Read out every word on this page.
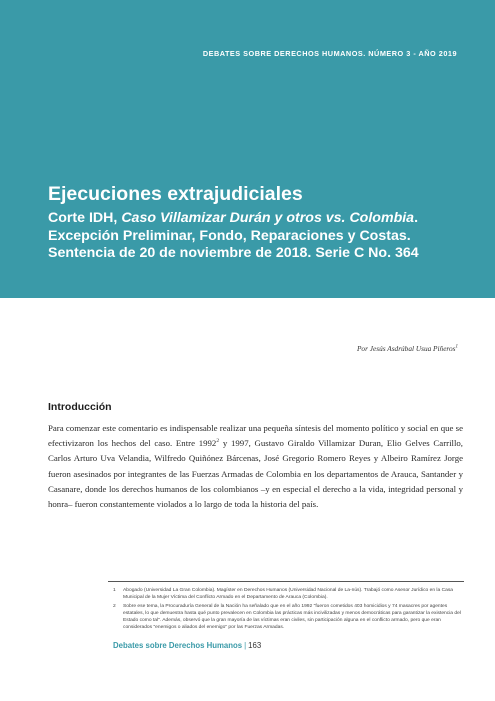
DEBATES SOBRE DERECHOS HUMANOS. NÚMERO 3 - AÑO 2019
Ejecuciones extrajudiciales
Corte IDH, Caso Villamizar Durán y otros vs. Colombia. Excepción Preliminar, Fondo, Reparaciones y Costas. Sentencia de 20 de noviembre de 2018. Serie C No. 364
Por Jesús Asdrúbal Usua Piñeros$^1$
Introducción

Para comenzar este comentario es indispensable realizar una pequeña síntesis del momento político y social en que se efectivizaron los hechos del caso. Entre 1992$^2$ y 1997, Gustavo Giraldo Villamizar Duran, Elio Gelves Carrillo, Carlos Arturo Uva Velandia, Wilfredo Quiñónez Bárcenas, José Gregorio Romero Reyes y Albeiro Ramírez Jorge fueron asesinados por integrantes de las Fuerzas Armadas de Colombia en los departamentos de Arauca, Santander y Casanare, donde los derechos humanos de los colombianos –y en especial el derecho a la vida, integridad personal y honra– fueron constantemente violados a lo largo de toda la historia del país.

1 Abogado (Universidad La Gran Colombia). Magíster en Derechos Humanos (Universidad Nacional de La-nús). Trabajó como Asesor Jurídico en la Casa Municipal de la Mujer Víctima del Conflicto Armado en el Departamento de Arauca (Colombia).

2 Sobre ese tema, la Procuraduría General de la Nación ha señalado que en el año 1992 "fueron cometidos 403 homicidios y 74 masacres por agentes estatales, lo que demuestra hasta qué punto prevalecen en Colombia las prácticas más incivilizadas y menos democráticas para garantizar la existencia del Estado como tal". Además, observó que la gran mayoría de las víctimas eran civiles, sin participación alguna en el conflicto armado, pero que eran considerados "enemigos o aliados del enemigo" por las Fuerzas Armadas.

Debates sobre Derechos Humanos | 163
